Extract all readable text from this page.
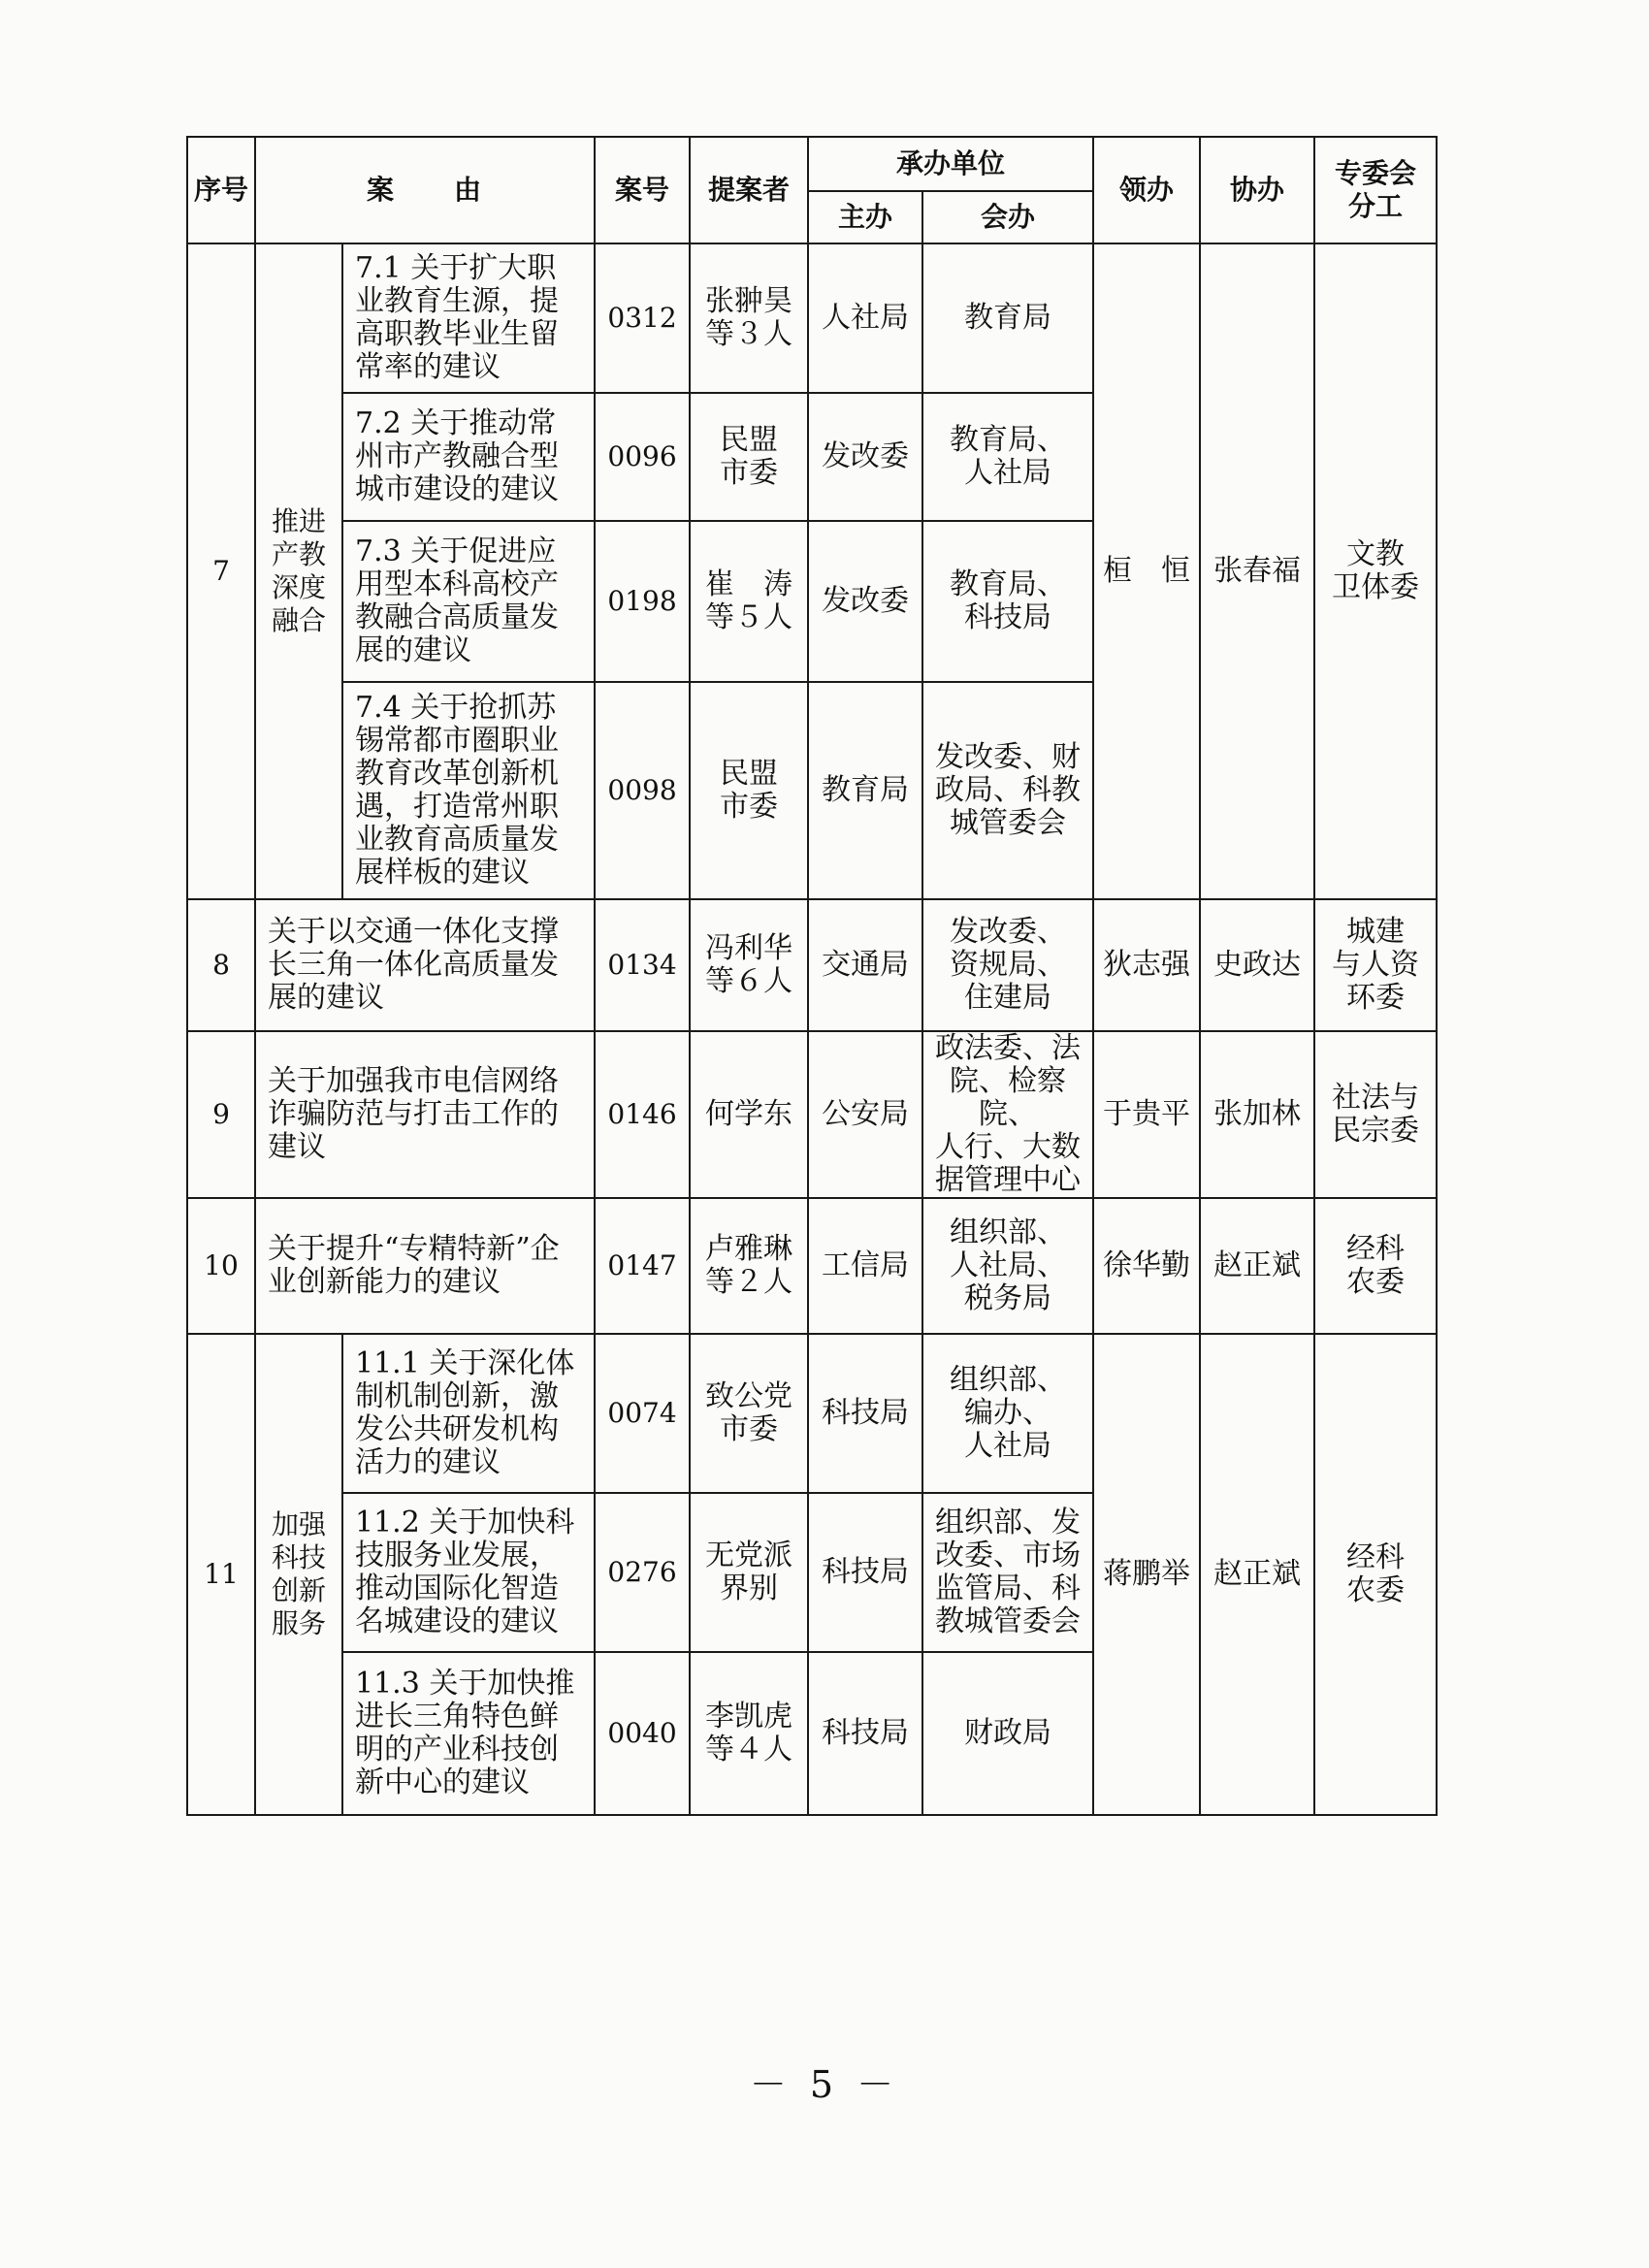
序号	案　　由		案号	提案者	承办单位		领办	协办	专委会
分工
					主办	会办			
7	推进
产教
深度
融合	7.1 关于扩大职业教育生源，提高职教毕业生留常率的建议	0312	张翀昊
等３人	人社局	教育局	桓　恒	张春福	文教
卫体委
		7.2 关于推动常州市产教融合型城市建设的建议	0096	民盟
市委	发改委	教育局、
人社局			
		7.3 关于促进应用型本科高校产教融合高质量发展的建议	0198	崔　涛
等５人	发改委	教育局、
科技局			
		7.4 关于抢抓苏锡常都市圈职业教育改革创新机遇，打造常州职业教育高质量发展样板的建议	0098	民盟
市委	教育局	发改委、财
政局、科教
城管委会			
8	关于以交通一体化支撑长三角一体化高质量发展的建议		0134	冯利华
等６人	交通局	发改委、
资规局、
住建局	狄志强	史政达	城建
与人资
环委
9	关于加强我市电信网络诈骗防范与打击工作的建议		0146	何学东	公安局	政法委、法
院、检察院、
人行、大数
据管理中心	于贵平	张加林	社法与
民宗委
10	关于提升“专精特新”企业创新能力的建议		0147	卢雅琳
等２人	工信局	组织部、
人社局、
税务局	徐华勤	赵正斌	经科
农委
11	加强
科技
创新
服务	11.1 关于深化体制机制创新，激发公共研发机构活力的建议	0074	致公党
市委	科技局	组织部、
编办、
人社局	蒋鹏举	赵正斌	经科
农委
		11.2 关于加快科技服务业发展，推动国际化智造名城建设的建议	0276	无党派
界别	科技局	组织部、发
改委、市场
监管局、科
教城管委会			
		11.3 关于加快推进长三角特色鲜明的产业科技创新中心的建议	0040	李凯虎
等４人	科技局	财政局			
－ 5 －
